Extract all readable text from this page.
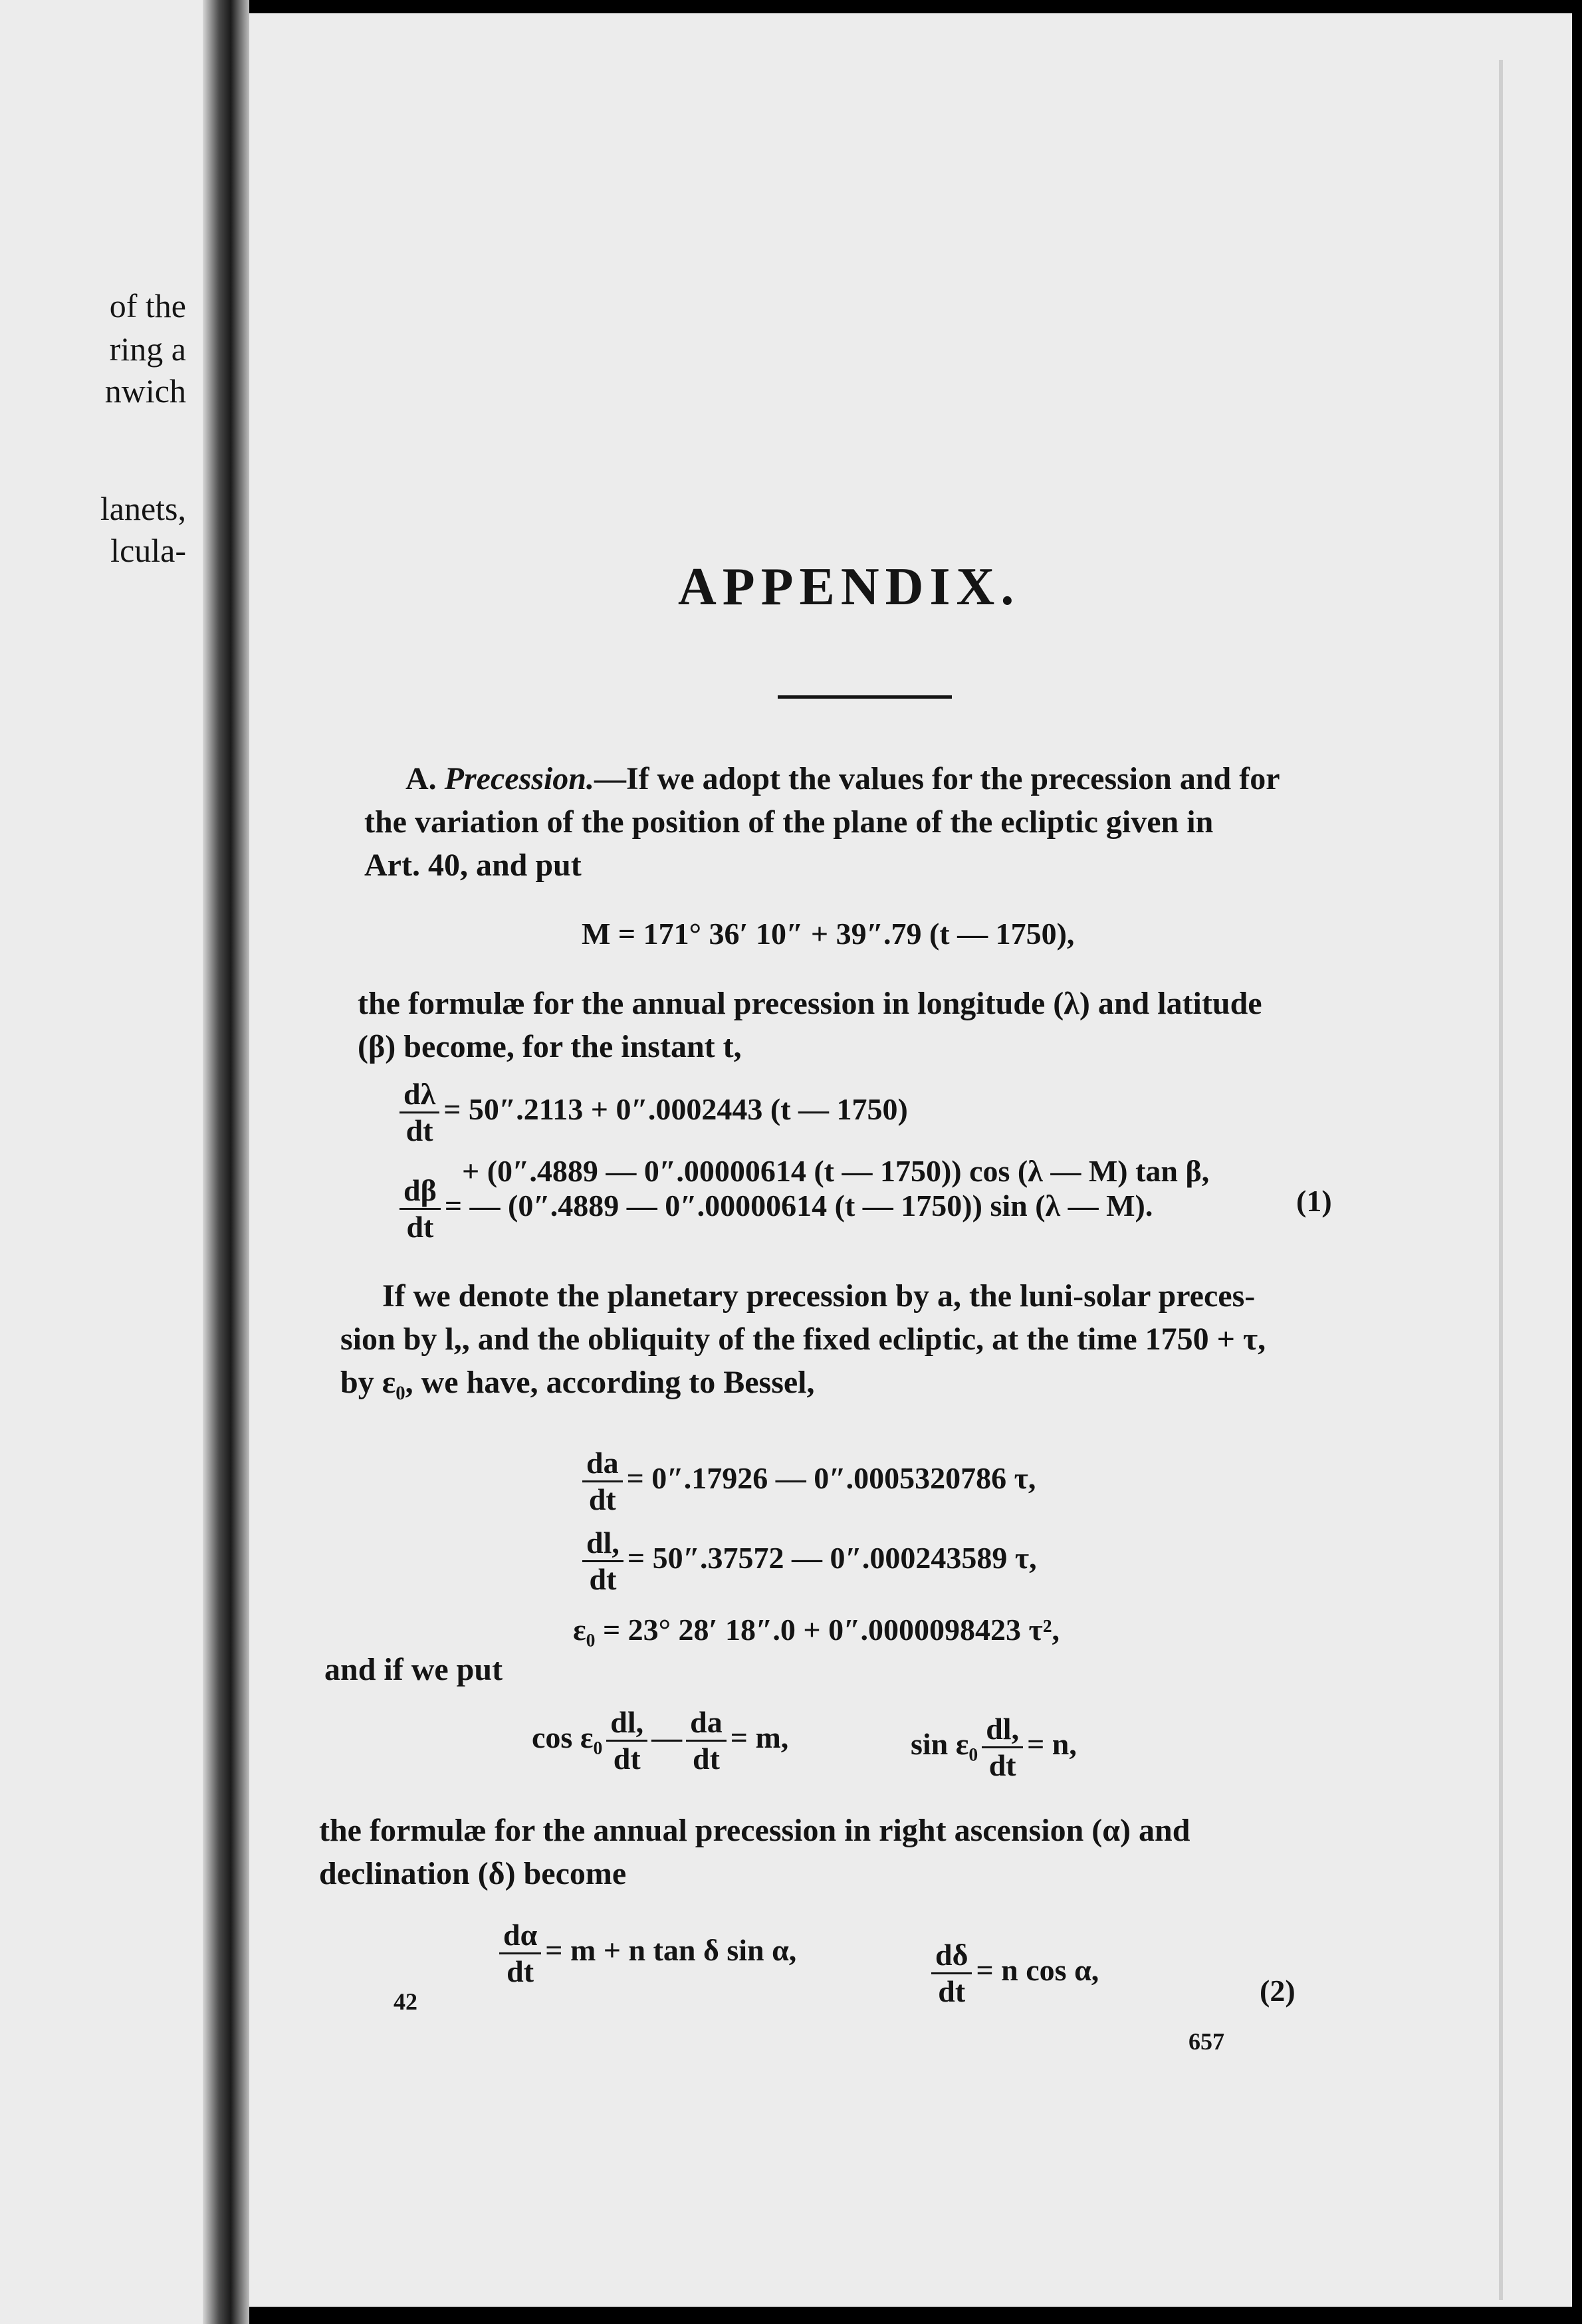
of the
ring a
nwich
lanets,
lcula-
APPENDIX.
A. Precession.—If we adopt the values for the precession and for
the variation of the position of the plane of the ecliptic given in
Art. 40, and put
M = 171° 36′ 10″ + 39″.79 (t — 1750),
the formulæ for the annual precession in longitude (λ) and latitude
(β) become, for the instant t,
$\frac{d\lambda}{dt} = 50''.2113 + 0''.0002443$ (t — 1750)
+ (0″.4889 — 0″.00000614 (t — 1750)) cos (λ — M) tan β,
$\frac{d\beta}{dt}$ = — (0″.4889 — 0″.00000614 (t — 1750)) sin (λ — M).	(1)
If we denote the planetary precession by a, the luni-solar preces-
sion by l,, and the obliquity of the fixed ecliptic, at the time 1750 + τ,
by ε₀, we have, according to Bessel,
$\frac{da}{dt} = 0''.17926$ — 0″.0005320786 τ,
$\frac{dl,}{dt} = 50''.37572$ — 0″.000243589 τ,
ε₀ = 23° 28′ 18″.0 + 0″.0000098423 τ²,
and if we put
$\cos \varepsilon_0 \frac{dl,}{dt}$ — $\frac{da}{dt} = m$,	$\sin \varepsilon_0 \frac{dl,}{dt} = n$,
the formulæ for the annual precession in right ascension (α) and
declination (δ) become
$\frac{d\alpha}{dt} = m + n$ tan δ sin α,	$\frac{d\delta}{dt} = n$ cos α,
(2)
42
657
